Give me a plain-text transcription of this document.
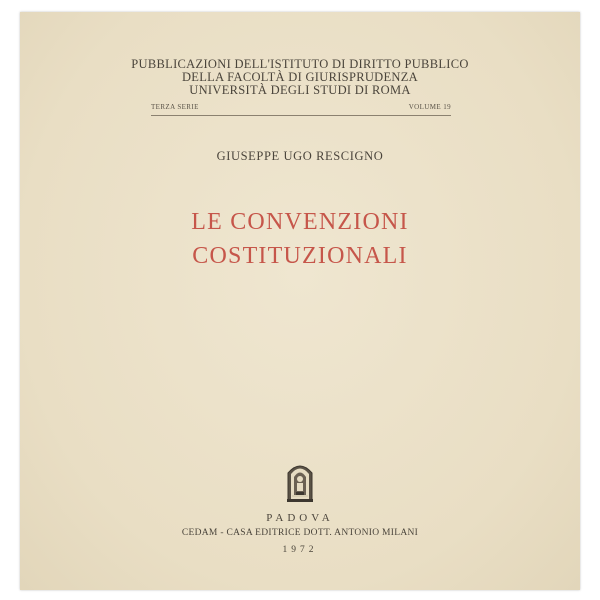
PUBBLICAZIONI DELL'ISTITUTO DI DIRITTO PUBBLICO
DELLA FACOLTÀ DI GIURISPRUDENZA
UNIVERSITÀ DEGLI STUDI DI ROMA
TERZA SERIE	VOLUME 19
GIUSEPPE UGO RESCIGNO
LE CONVENZIONI
COSTITUZIONALI
PADOVA
CEDAM - CASA EDITRICE DOTT. ANTONIO MILANI
1972
